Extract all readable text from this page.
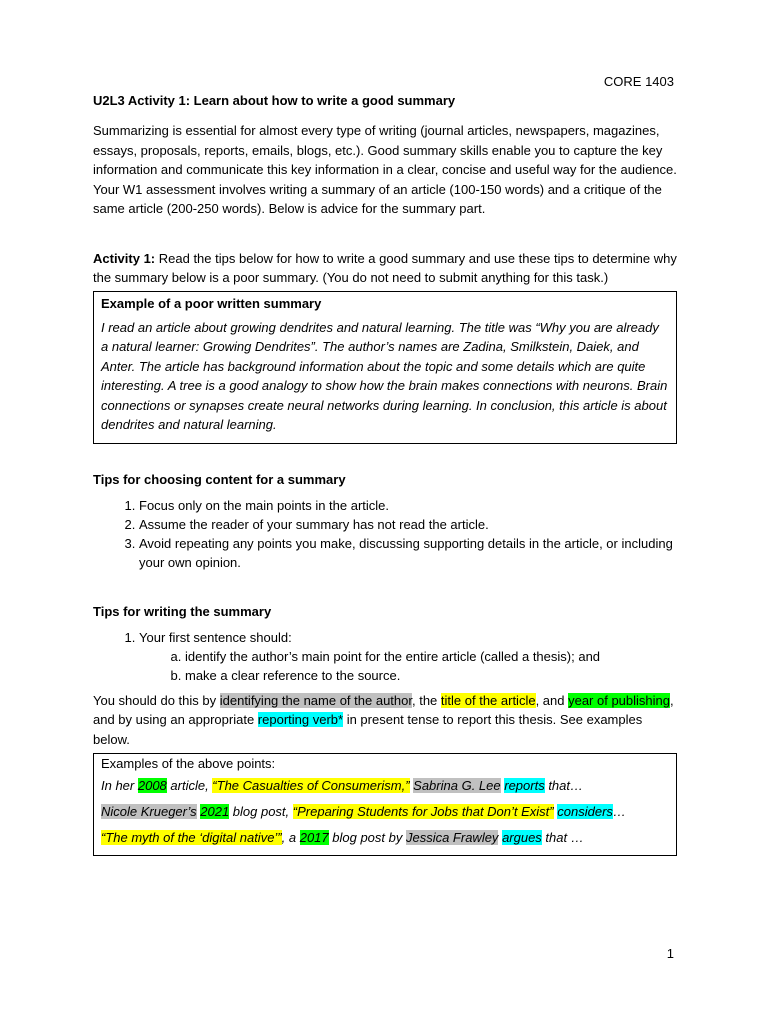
CORE 1403

U2L3 Activity 1: Learn about how to write a good summary

Summarizing is essential for almost every type of writing (journal articles, newspapers, magazines, essays, proposals, reports, emails, blogs, etc.). Good summary skills enable you to capture the key information and communicate this key information in a clear, concise and useful way for the audience. Your W1 assessment involves writing a summary of an article (100-150 words) and a critique of the same article (200-250 words). Below is advice for the summary part.

Activity 1: Read the tips below for how to write a good summary and use these tips to determine why the summary below is a poor summary. (You do not need to submit anything for this task.)

Example of a poor written summary
I read an article about growing dendrites and natural learning. The title was “Why you are already a natural learner: Growing Dendrites”. The author’s names are Zadina, Smilkstein, Daiek, and Anter. The article has background information about the topic and some details which are quite interesting. A tree is a good analogy to show how the brain makes connections with neurons. Brain connections or synapses create neural networks during learning. In conclusion, this article is about dendrites and natural learning.
Tips for choosing content for a summary
1. Focus only on the main points in the article.
2. Assume the reader of your summary has not read the article.
3. Avoid repeating any points you make, discussing supporting details in the article, or including your own opinion.
Tips for writing the summary
1. Your first sentence should:
a. identify the author’s main point for the entire article (called a thesis); and
b. make a clear reference to the source.

You should do this by identifying the name of the author, the title of the article, and year of publishing, and by using an appropriate reporting verb* in present tense to report this thesis. See examples below.

Examples of the above points:
In her 2008 article, “The Casualties of Consumerism,” Sabrina G. Lee reports that…
Nicole Krueger’s 2021 blog post, “Preparing Students for Jobs that Don’t Exist” considers…
“The myth of the ‘digital native’”, a 2017 blog post by Jessica Frawley argues that …
1
